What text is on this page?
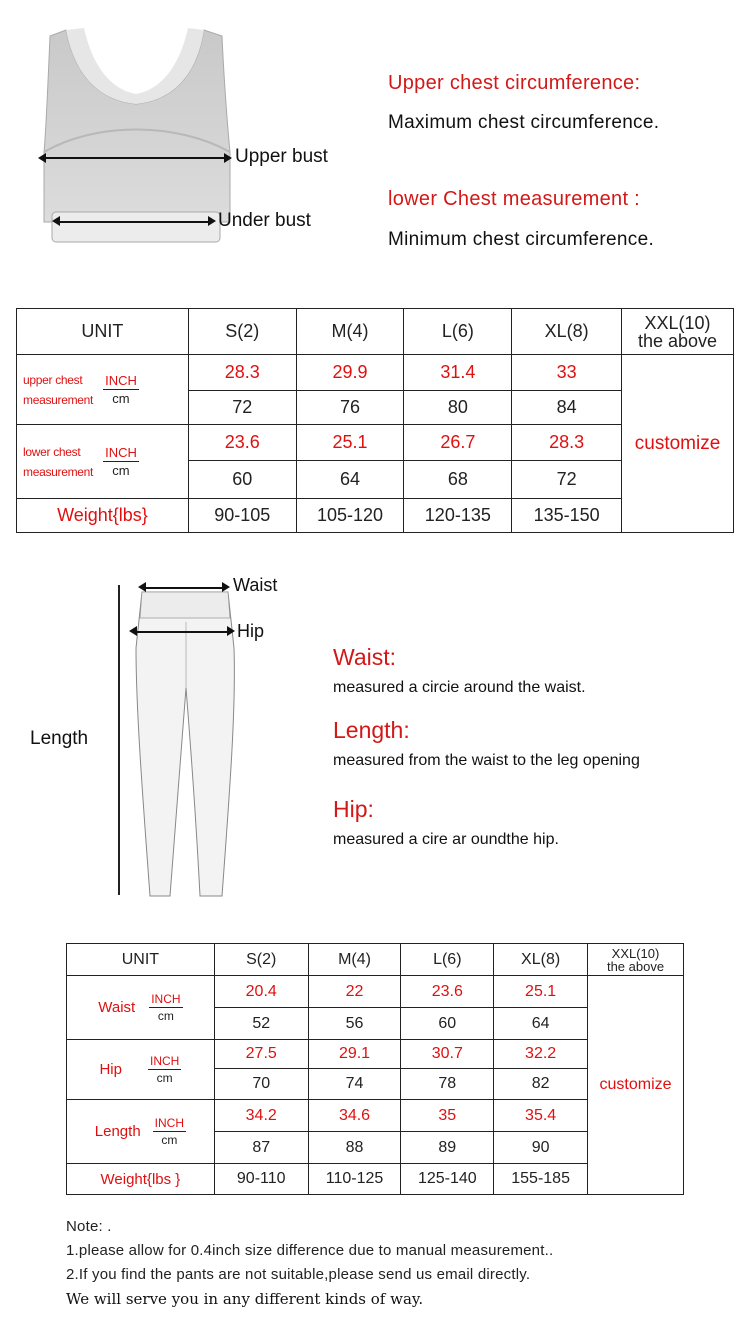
Upper bust
Under bust
Upper chest circumference:
Maximum chest circumference.
lower Chest measurement :
Minimum chest circumference.
UNIT	S(2)	M(4)	L(6)	XL(8)	XXL(10)
the above

upper chest
measurement
INCH
cm	28.3	29.9	31.4	33	customize
	72	76	80	84	

lower chest
measurement
INCH
cm	23.6	25.1	26.7	28.3	
	60	64	68	72	
Weight{lbs}	90-105	105-120	120-135	135-150	
Length
Waist
Hip
Waist:
measured a circie around the waist.
Length:
measured from the waist to the leg opening
Hip:
measured a cire ar oundthe hip.
UNIT	S(2)	M(4)	L(6)	XL(8)	XXL(10)
the above

Waist INCH
cm	20.4	22	23.6	25.1	customize
	52	56	60	64	

Hip INCH
cm	27.5	29.1	30.7	32.2	
	70	74	78	82	

Length INCH
cm	34.2	34.6	35	35.4	
	87	88	89	90	
Weight{lbs }	90-110	110-125	125-140	155-185	
Note: .
1.please allow for 0.4inch size difference due to manual measurement..
2.If you find the pants are not suitable,please send us email directly.
We will serve you in any different kinds of way.
